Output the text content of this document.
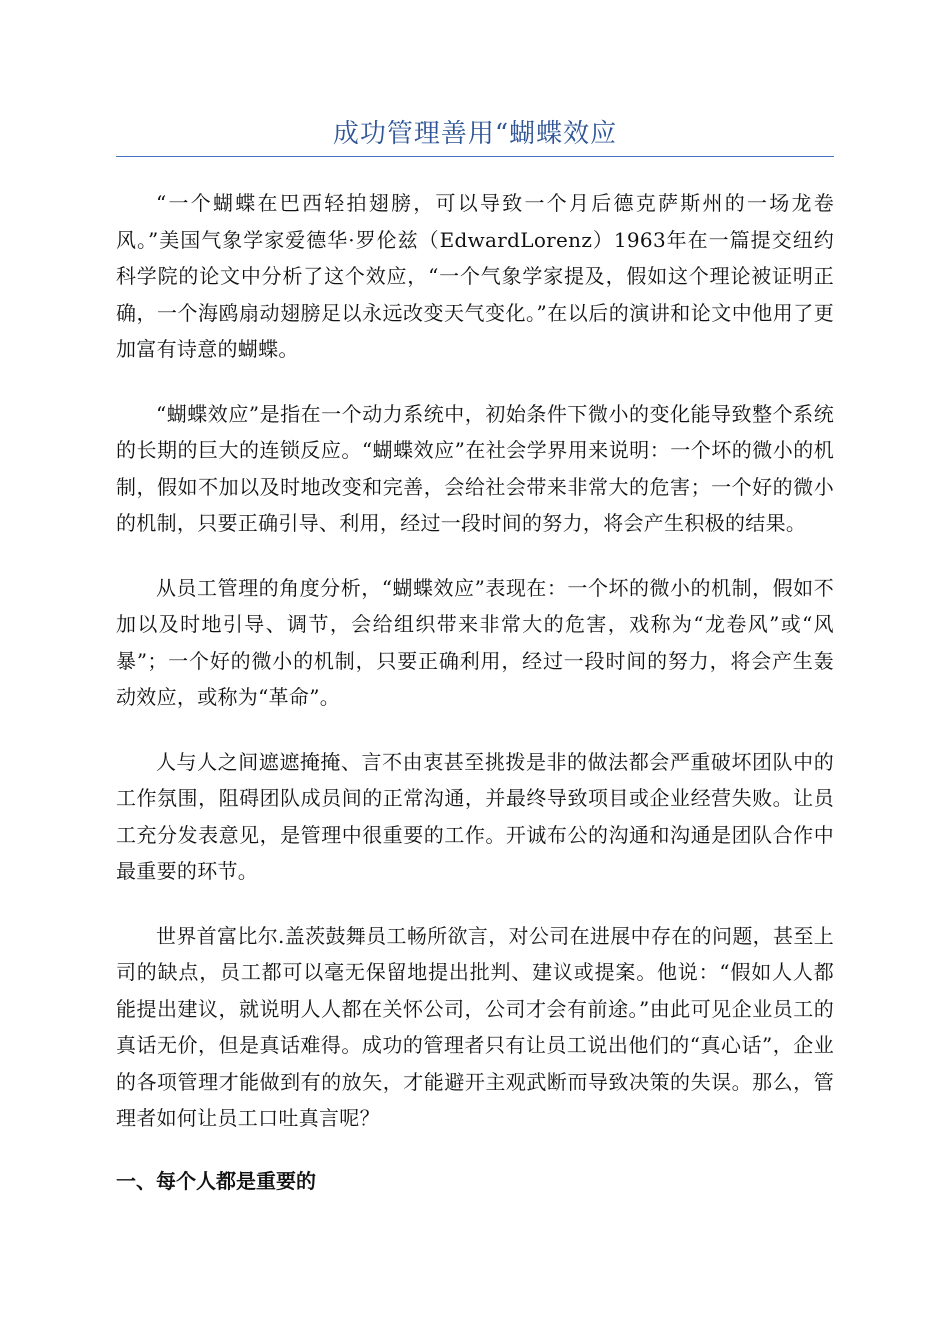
成功管理善用“蝴蝶效应

“一个蝴蝶在巴西轻拍翅膀，可以导致一个月后德克萨斯州的一场龙卷风。”美国气象学家爱德华·罗伦兹（EdwardLorenz）1963年在一篇提交纽约科学院的论文中分析了这个效应，“一个气象学家提及，假如这个理论被证明正确，一个海鸥扇动翅膀足以永远改变天气变化。”在以后的演讲和论文中他用了更加富有诗意的蝴蝶。

“蝴蝶效应”是指在一个动力系统中，初始条件下微小的变化能导致整个系统的长期的巨大的连锁反应。“蝴蝶效应”在社会学界用来说明：一个坏的微小的机制，假如不加以及时地改变和完善，会给社会带来非常大的危害；一个好的微小的机制，只要正确引导、利用，经过一段时间的努力，将会产生积极的结果。

从员工管理的角度分析，“蝴蝶效应”表现在：一个坏的微小的机制，假如不加以及时地引导、调节，会给组织带来非常大的危害，戏称为“龙卷风”或“风暴”；一个好的微小的机制，只要正确利用，经过一段时间的努力，将会产生轰动效应，或称为“革命”。

人与人之间遮遮掩掩、言不由衷甚至挑拨是非的做法都会严重破坏团队中的工作氛围，阻碍团队成员间的正常沟通，并最终导致项目或企业经营失败。让员工充分发表意见，是管理中很重要的工作。开诚布公的沟通和沟通是团队合作中最重要的环节。

世界首富比尔.盖茨鼓舞员工畅所欲言，对公司在进展中存在的问题，甚至上司的缺点，员工都可以毫无保留地提出批判、建议或提案。他说：“假如人人都能提出建议，就说明人人都在关怀公司，公司才会有前途。”由此可见企业员工的真话无价，但是真话难得。成功的管理者只有让员工说出他们的“真心话”，企业的各项管理才能做到有的放矢，才能避开主观武断而导致决策的失误。那么，管理者如何让员工口吐真言呢？

一、每个人都是重要的
